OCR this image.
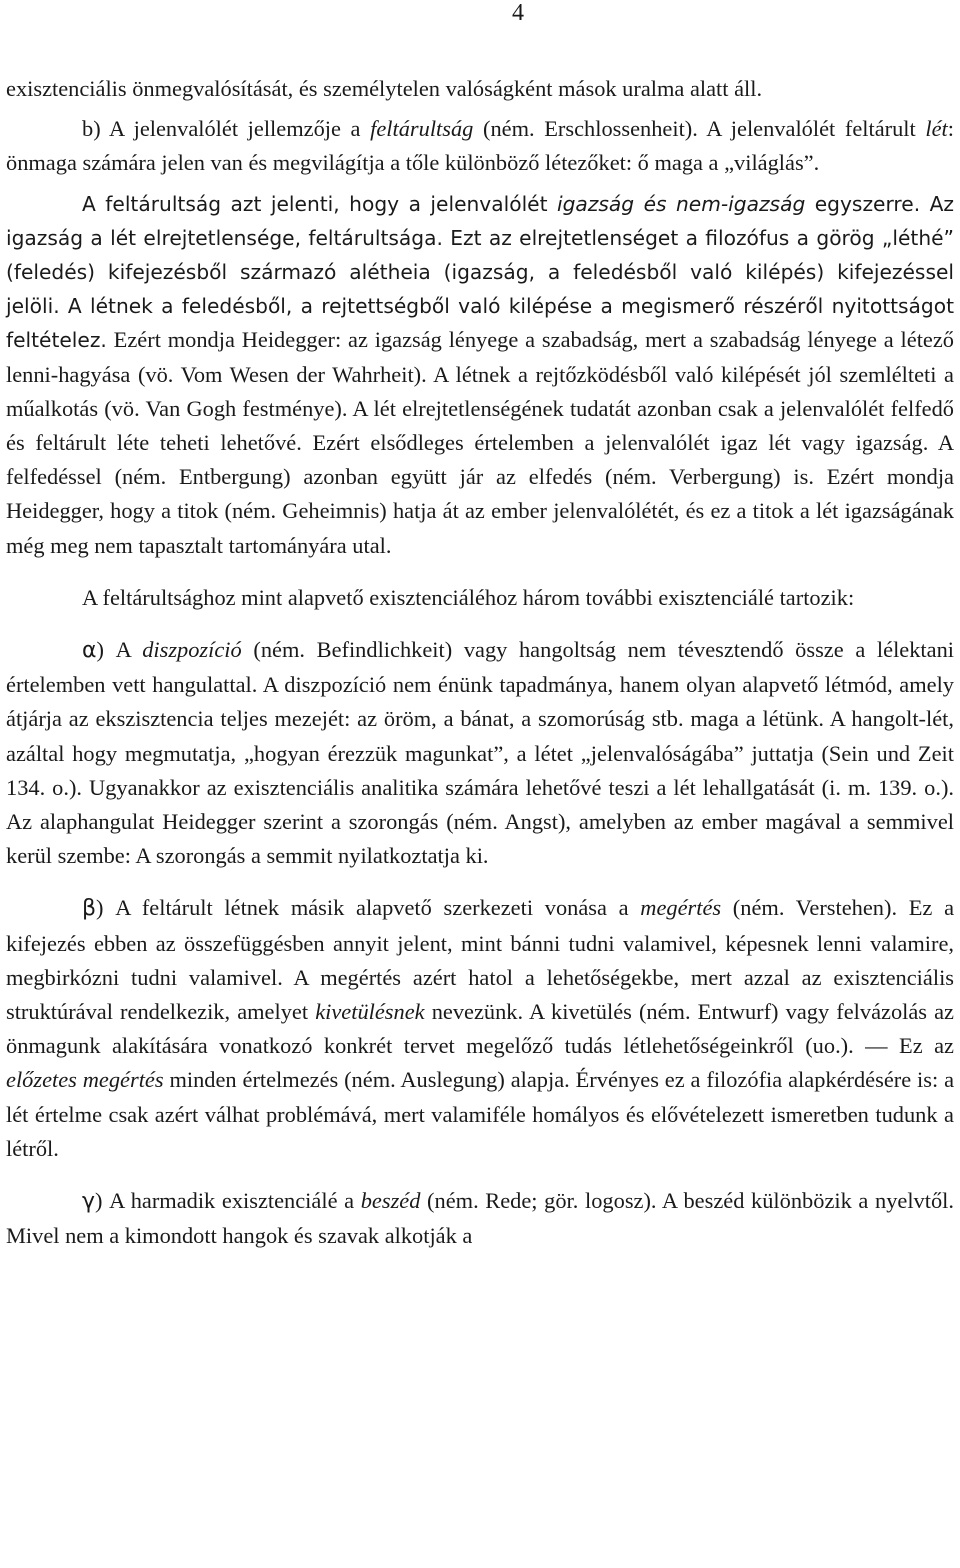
4

exisztenciális önmegvalósítását, és személytelen valóságként mások uralma alatt áll.

b) A jelenvalólét jellemzője a feltárultság (ném. Erschlossenheit). A jelenvalólét feltárult lét: önmaga számára jelen van és megvilágítja a tőle különböző létezőket: ő maga a „világlás”.

A feltárultság azt jelenti, hogy a jelenvalólét igazság és nem-igazság egyszerre. Az igazság a lét elrejtetlensége, feltárultsága. Ezt az elrejtetlenséget a filozófus a görög „léthé” (feledés) kifejezésből származó alétheia (igazság, a feledésből való kilépés) kifejezéssel jelöli. A létnek a feledésből, a rejtettségből való kilépése a megismerő részéről nyitottságot feltételez. Ezért mondja Heidegger: az igazság lényege a szabadság, mert a szabadság lényege a létező lenni-hagyása (vö. Vom Wesen der Wahrheit). A létnek a rejtőzködésből való kilépését jól szemlélteti a műalkotás (vö. Van Gogh festménye). A lét elrejtetlenségének tudatát azonban csak a jelenvalólét felfedő és feltárult léte teheti lehetővé. Ezért elsődleges értelemben a jelenvalólét igaz lét vagy igazság. A felfedéssel (ném. Entbergung) azonban együtt jár az elfedés (ném. Verbergung) is. Ezért mondja Heidegger, hogy a titok (ném. Geheimnis) hatja át az ember jelenvalólétét, és ez a titok a lét igazságának még meg nem tapasztalt tartományára utal.

A feltárultsághoz mint alapvető exisztenciáléhoz három további exisztenciálé tartozik:

α) A diszpozíció (ném. Befindlichkeit) vagy hangoltság nem tévesztendő össze a lélektani értelemben vett hangulattal. A diszpozíció nem énünk tapadmánya, hanem olyan alapvető létmód, amely átjárja az ekszisztencia teljes mezejét: az öröm, a bánat, a szomorúság stb. maga a létünk. A hangolt-lét, azáltal hogy megmutatja, „hogyan érezzük magunkat”, a létet „jelenvalóságába” juttatja (Sein und Zeit 134. o.). Ugyanakkor az exisztenciális analitika számára lehetővé teszi a lét lehallgatását (i. m. 139. o.). Az alaphangulat Heidegger szerint a szorongás (ném. Angst), amelyben az ember magával a semmivel kerül szembe: A szorongás a semmit nyilatkoztatja ki.

β) A feltárult létnek másik alapvető szerkezeti vonása a megértés (ném. Verstehen). Ez a kifejezés ebben az összefüggésben annyit jelent, mint bánni tudni valamivel, képesnek lenni valamire, megbirkózni tudni valamivel. A megértés azért hatol a lehetőségekbe, mert azzal az exisztenciális struktúrával rendelkezik, amelyet kivetülésnek nevezünk. A kivetülés (ném. Entwurf) vagy felvázolás az önmagunk alakítására vonatkozó konkrét tervet megelőző tudás létlehetőségeinkről (uo.). — Ez az előzetes megértés minden értelmezés (ném. Auslegung) alapja. Érvényes ez a filozófia alapkérdésére is: a lét értelme csak azért válhat problémává, mert valamiféle homályos és elővételezett ismeretben tudunk a létről.

γ) A harmadik exisztenciálé a beszéd (ném. Rede; gör. logosz). A beszéd különbözik a nyelvtől. Mivel nem a kimondott hangok és szavak alkotják a
